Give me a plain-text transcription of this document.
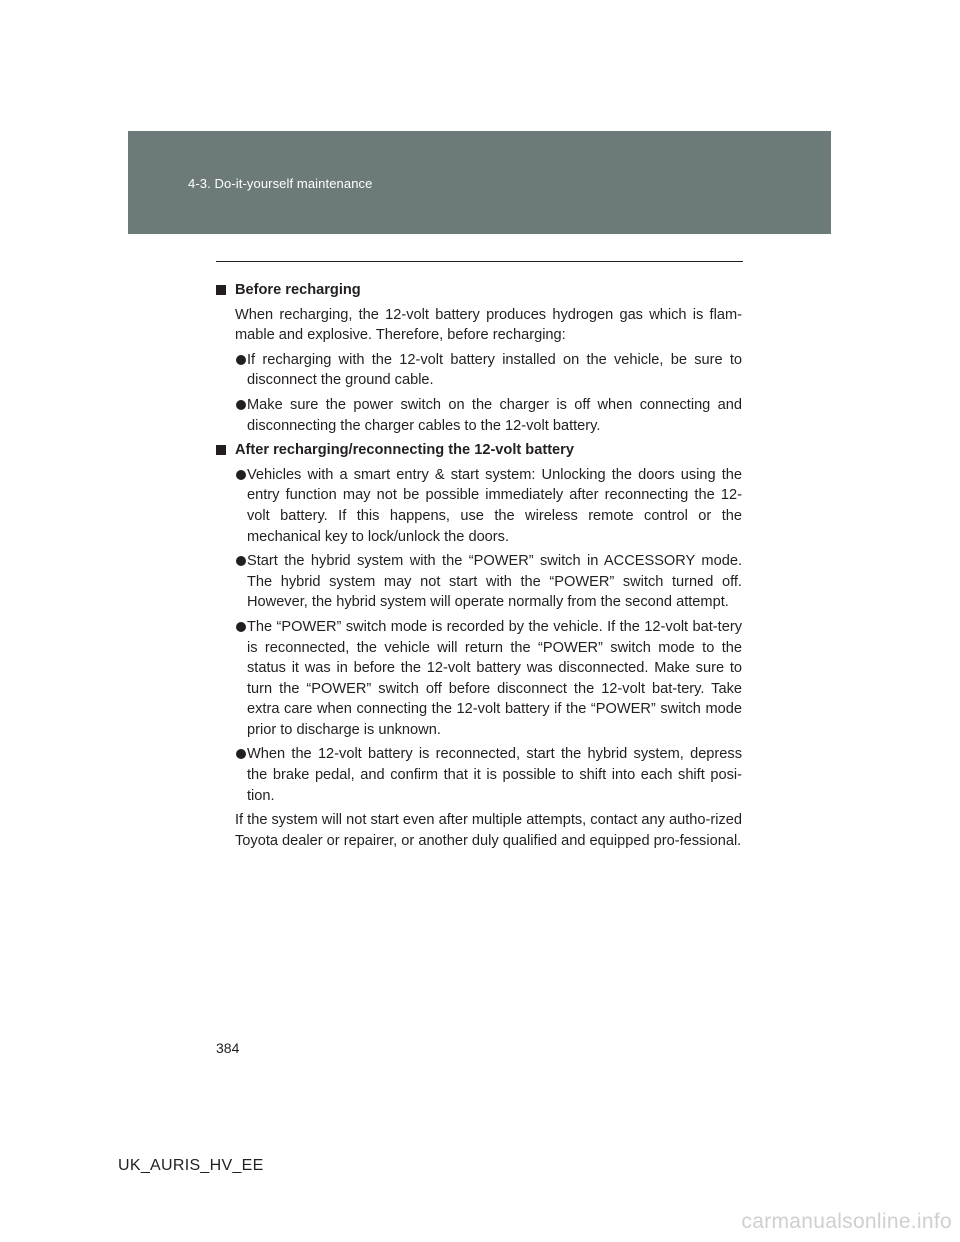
4-3. Do-it-yourself maintenance
Before recharging
When recharging, the 12-volt battery produces hydrogen gas which is flam-mable and explosive. Therefore, before recharging:
If recharging with the 12-volt battery installed on the vehicle, be sure to disconnect the ground cable.
Make sure the power switch on the charger is off when connecting and disconnecting the charger cables to the 12-volt battery.
After recharging/reconnecting the 12-volt battery
Vehicles with a smart entry & start system: Unlocking the doors using the entry function may not be possible immediately after reconnecting the 12-volt battery. If this happens, use the wireless remote control or the mechanical key to lock/unlock the doors.
Start the hybrid system with the “POWER” switch in ACCESSORY mode. The hybrid system may not start with the “POWER” switch turned off. However, the hybrid system will operate normally from the second attempt.
The “POWER” switch mode is recorded by the vehicle. If the 12-volt bat-tery is reconnected, the vehicle will return the “POWER” switch mode to the status it was in before the 12-volt battery was disconnected. Make sure to turn the “POWER” switch off before disconnect the 12-volt bat-tery. Take extra care when connecting the 12-volt battery if the “POWER” switch mode prior to discharge is unknown.
When the 12-volt battery is reconnected, start the hybrid system, depress the brake pedal, and confirm that it is possible to shift into each shift posi-tion.
If the system will not start even after multiple attempts, contact any autho-rized Toyota dealer or repairer, or another duly qualified and equipped pro-fessional.
384
UK_AURIS_HV_EE
carmanualsonline.info
